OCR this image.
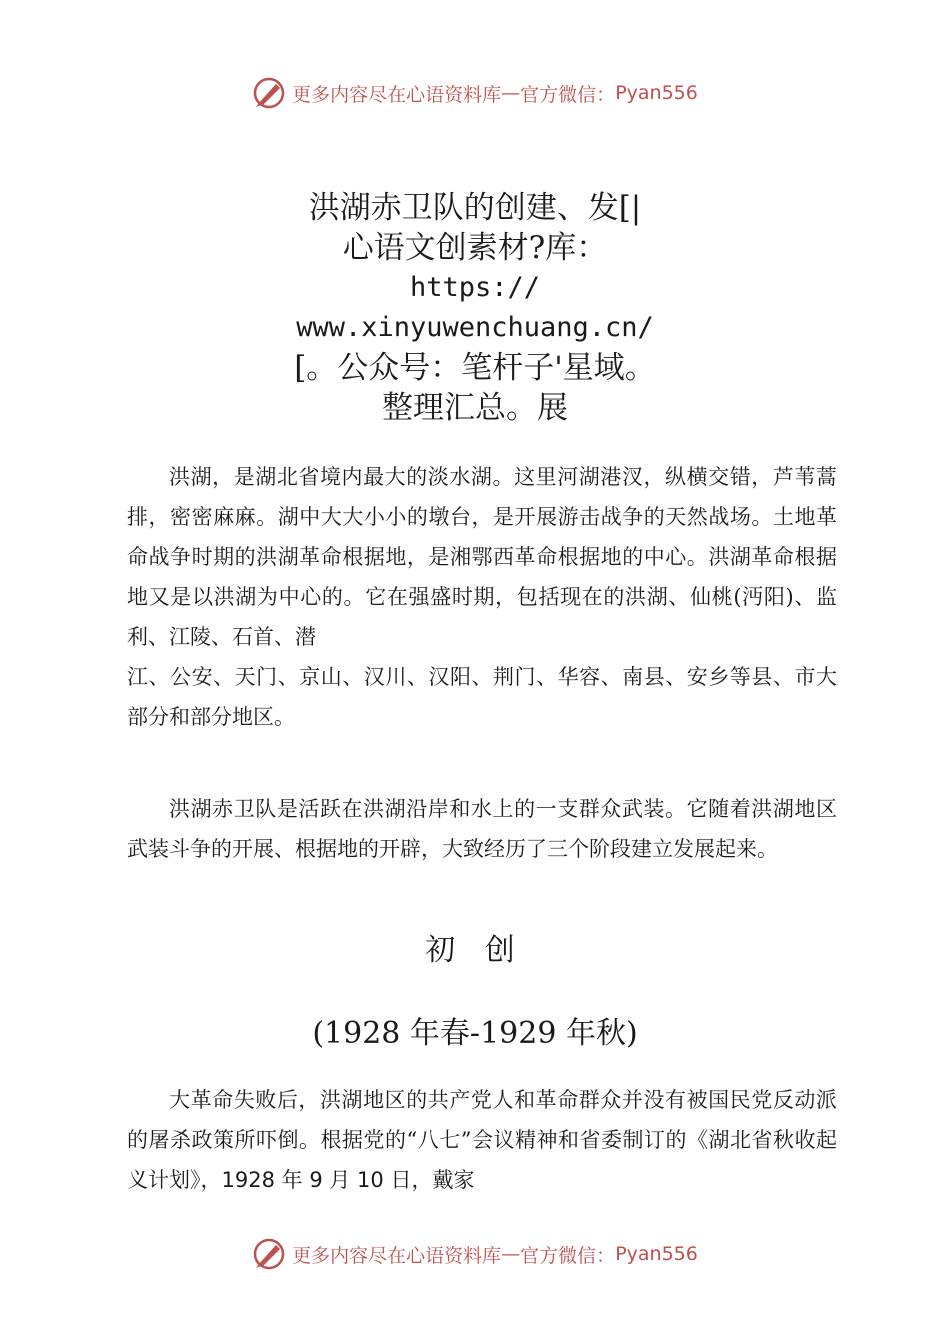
更多内容尽在心语资料库 — 官方微信： Pyan556
洪湖赤卫队的创建、发[|
心语文创素材?库：
https://
www.xinyuwenchuang.cn/
[。公众号：笔杆子'星域。
整理汇总。展

洪湖，是湖北省境内最大的淡水湖。这里河湖港汊，纵横交错，芦苇蒿排，密密麻麻。湖中大大小小的墩台，是开展游击战争的天然战场。土地革命战争时期的洪湖革命根据地，是湘鄂西革命根据地的中心。洪湖革命根据地又是以洪湖为中心的。它在强盛时期，包括现在的洪湖、仙桃(沔阳)、监利、江陵、石首、潜

江、公安、天门、京山、汉川、汉阳、荆门、华容、南县、安乡等县、市大部分和部分地区。

洪湖赤卫队是活跃在洪湖沿岸和水上的一支群众武装。它随着洪湖地区武装斗争的开展、根据地的开辟，大致经历了三个阶段建立发展起来。

初 创
(1928 年春-1929 年秋)

大革命失败后，洪湖地区的共产党人和革命群众并没有被国民党反动派的屠杀政策所吓倒。根据党的“八七”会议精神和省委制订的《湖北省秋收起义计划》，1928 年 9 月 10 日，戴家

更多内容尽在心语资料库 — 官方微信： Pyan556
